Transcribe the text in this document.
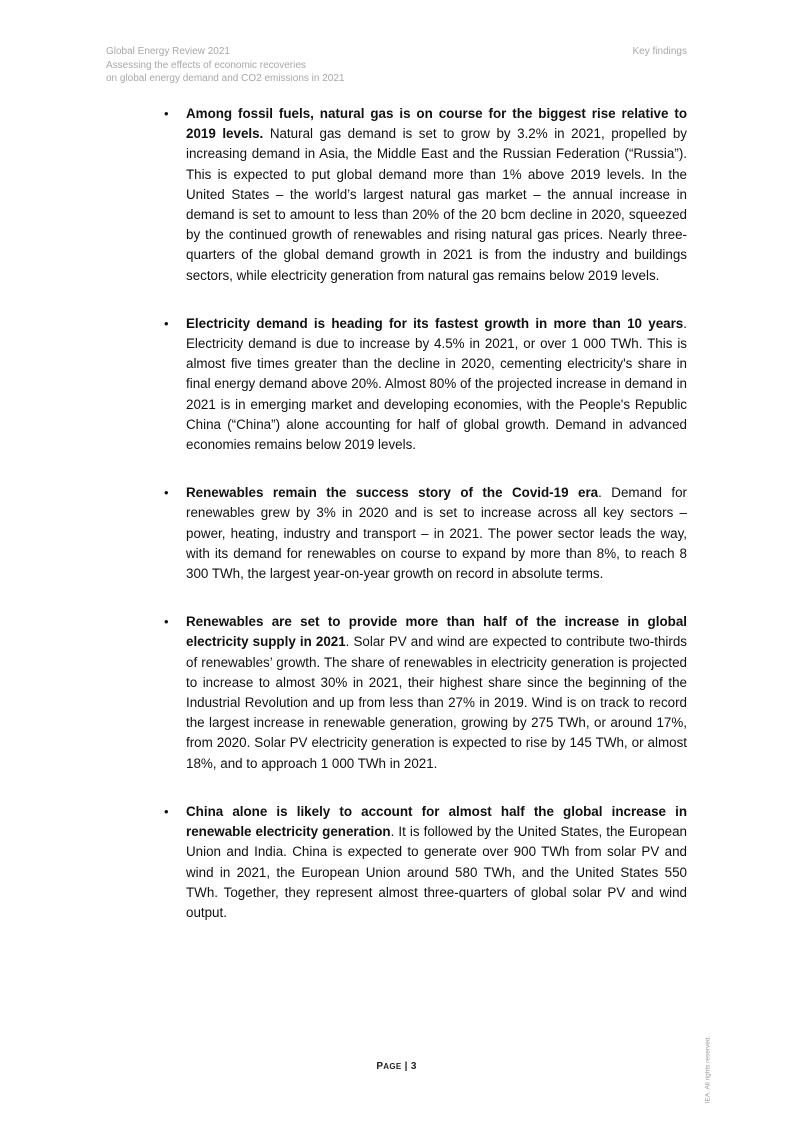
Global Energy Review 2021
Assessing the effects of economic recoveries
on global energy demand and CO2 emissions in 2021
Key findings
• Among fossil fuels, natural gas is on course for the biggest rise relative to 2019 levels. Natural gas demand is set to grow by 3.2% in 2021, propelled by increasing demand in Asia, the Middle East and the Russian Federation (“Russia”). This is expected to put global demand more than 1% above 2019 levels. In the United States – the world’s largest natural gas market – the annual increase in demand is set to amount to less than 20% of the 20 bcm decline in 2020, squeezed by the continued growth of renewables and rising natural gas prices. Nearly three-quarters of the global demand growth in 2021 is from the industry and buildings sectors, while electricity generation from natural gas remains below 2019 levels.
• Electricity demand is heading for its fastest growth in more than 10 years. Electricity demand is due to increase by 4.5% in 2021, or over 1 000 TWh. This is almost five times greater than the decline in 2020, cementing electricity's share in final energy demand above 20%. Almost 80% of the projected increase in demand in 2021 is in emerging market and developing economies, with the People's Republic China (“China”) alone accounting for half of global growth. Demand in advanced economies remains below 2019 levels.
• Renewables remain the success story of the Covid-19 era. Demand for renewables grew by 3% in 2020 and is set to increase across all key sectors – power, heating, industry and transport – in 2021. The power sector leads the way, with its demand for renewables on course to expand by more than 8%, to reach 8 300 TWh, the largest year-on-year growth on record in absolute terms.
• Renewables are set to provide more than half of the increase in global electricity supply in 2021. Solar PV and wind are expected to contribute two-thirds of renewables’ growth. The share of renewables in electricity generation is projected to increase to almost 30% in 2021, their highest share since the beginning of the Industrial Revolution and up from less than 27% in 2019. Wind is on track to record the largest increase in renewable generation, growing by 275 TWh, or around 17%, from 2020. Solar PV electricity generation is expected to rise by 145 TWh, or almost 18%, and to approach 1 000 TWh in 2021.
• China alone is likely to account for almost half the global increase in renewable electricity generation. It is followed by the United States, the European Union and India. China is expected to generate over 900 TWh from solar PV and wind in 2021, the European Union around 580 TWh, and the United States 550 TWh. Together, they represent almost three-quarters of global solar PV and wind output.
PAGE | 3	IEA. All rights reserved.
